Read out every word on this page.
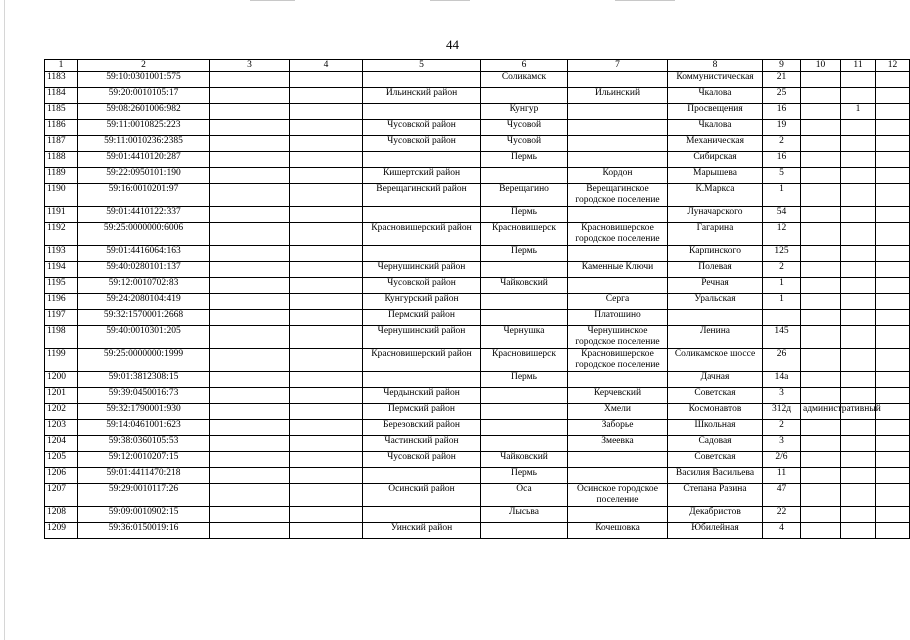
44
1	2	3	4	5	6	7	8	9	10	11	12
1183	59:10:0301001:575				Соликамск		Коммунистическая	21			
1184	59:20:0010105:17			Ильинский район		Ильинский	Чкалова	25			
1185	59:08:2601006:982				Кунгур		Просвещения	16		1	
1186	59:11:0010825:223			Чусовской район	Чусовой		Чкалова	19			
1187	59:11:0010236:2385			Чусовской район	Чусовой		Механическая	2			
1188	59:01:4410120:287				Пермь		Сибирская	16			
1189	59:22:0950101:190			Кишертский район		Кордон	Марышева	5			
1190	59:16:0010201:97			Верещагинский район	Верещагино	Верещагинское городское поселение	К.Маркса	1			
1191	59:01:4410122:337				Пермь		Луначарского	54			
1192	59:25:0000000:6006			Красновишерский район	Красновишерск	Красновишерское городское поселение	Гагарина	12			
1193	59:01:4416064:163				Пермь		Карпинского	125			
1194	59:40:0280101:137			Чернушинский район		Каменные Ключи	Полевая	2			
1195	59:12:0010702:83			Чусовской район	Чайковский		Речная	1			
1196	59:24:2080104:419			Кунгурский район		Серга	Уральская	1			
1197	59:32:1570001:2668			Пермский район		Платошино					
1198	59:40:0010301:205			Чернушинский район	Чернушка	Чернушинское городское поселение	Ленина	145			
1199	59:25:0000000:1999			Красновишерский район	Красновишерск	Красновишерское городское поселение	Соликамское шоссе	26			
1200	59:01:3812308:15				Пермь		Дачная	14а			
1201	59:39:0450016:73			Чердынский район		Керчевский	Советская	3			
1202	59:32:1790001:930			Пермский район		Хмели	Космонавтов	312д	административный		
1203	59:14:0461001:623			Березовский район		Заборье	Школьная	2			
1204	59:38:0360105:53			Частинский район		Змеевка	Садовая	3			
1205	59:12:0010207:15			Чусовской район	Чайковский		Советская	2/6			
1206	59:01:4411470:218				Пермь		Василия Васильева	11			
1207	59:29:0010117:26			Осинский район	Оса	Осинское городское поселение	Степана Разина	47			
1208	59:09:0010902:15				Лысьва		Декабристов	22			
1209	59:36:0150019:16			Уинский район		Кочешовка	Юбилейная	4			
